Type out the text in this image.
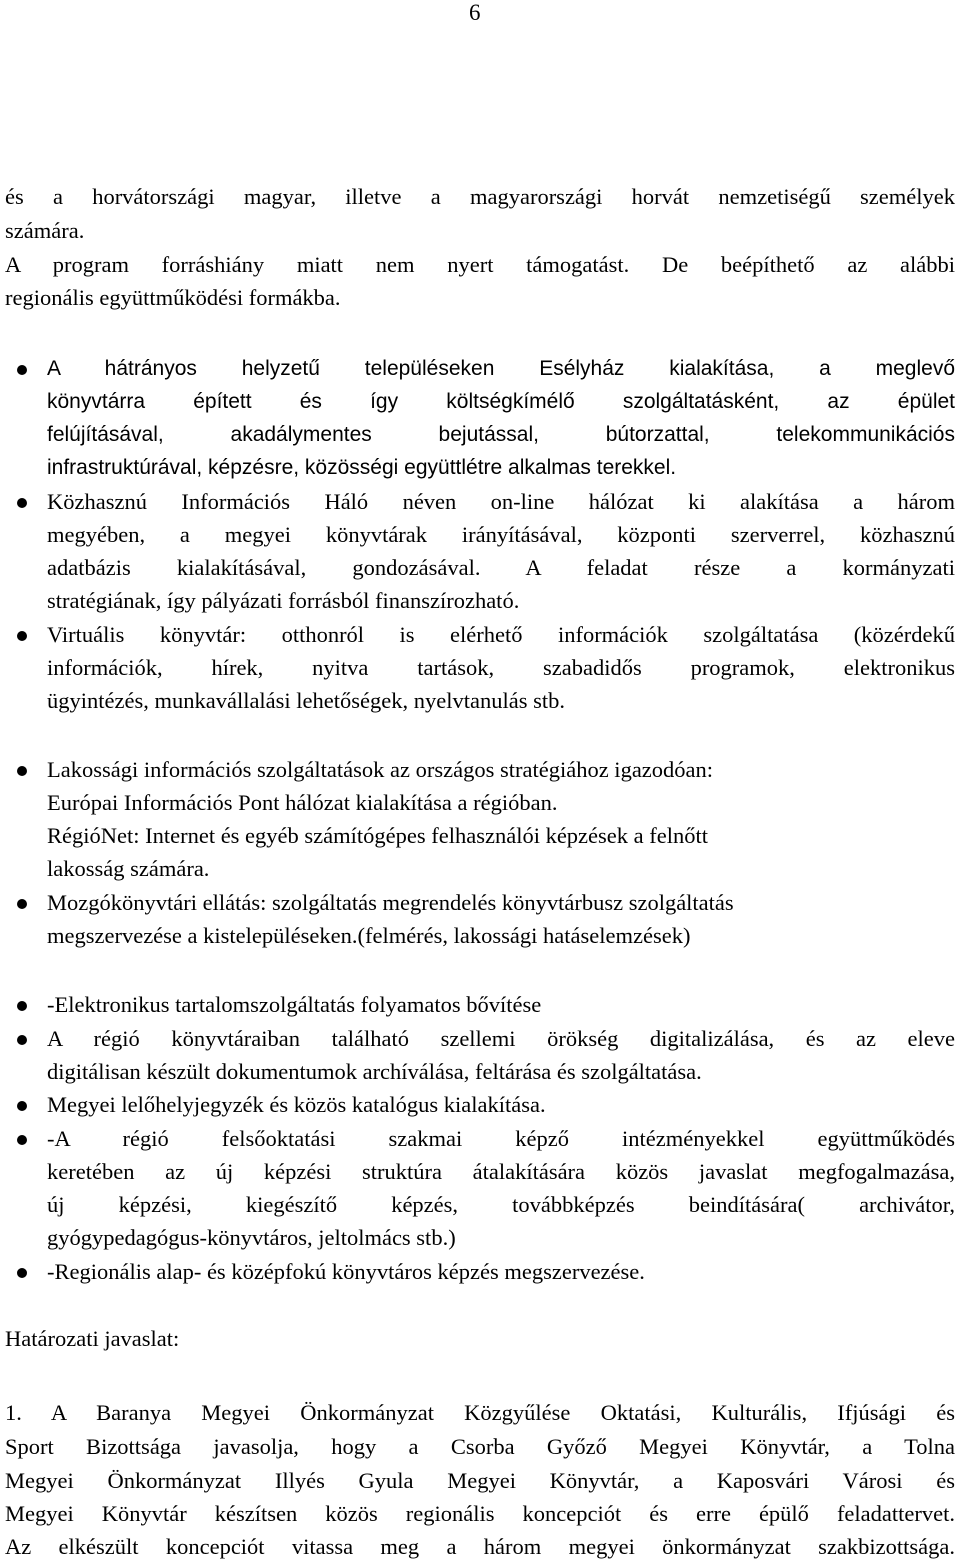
6
és a horvátországi magyar, illetve a magyarországi horvát nemzetiségű személyek
számára.
A program forráshiány miatt nem nyert támogatást. De beépíthető az alábbi
regionális együttműködési formákba.
A hátrányos helyzetű településeken Esélyház kialakítása, a meglevő
könyvtárra épített és így költségkímélő szolgáltatásként, az épület
felújításával, akadálymentes bejutással, bútorzattal, telekommunikációs
infrastruktúrával, képzésre, közösségi együttlétre alkalmas terekkel.
Közhasznú Információs Háló néven on-line hálózat ki alakítása a három
megyében, a megyei könyvtárak irányításával, központi szerverrel, közhasznú
adatbázis kialakításával, gondozásával. A feladat része a kormányzati
stratégiának, így pályázati forrásból finanszírozható.
Virtuális könyvtár: otthonról is elérhető információk szolgáltatása (közérdekű
információk, hírek, nyitva tartások, szabadidős programok, elektronikus
ügyintézés, munkavállalási lehetőségek, nyelvtanulás stb.
Lakossági információs szolgáltatások az országos stratégiához igazodóan:
Európai Információs Pont hálózat kialakítása a régióban.
RégióNet: Internet és egyéb számítógépes felhasználói képzések a felnőtt
lakosság számára.
Mozgókönyvtári ellátás: szolgáltatás megrendelés könyvtárbusz szolgáltatás
megszervezése a kistelepüléseken.(felmérés, lakossági hatáselemzések)
-Elektronikus tartalomszolgáltatás folyamatos bővítése
A régió könyvtáraiban található szellemi örökség digitalizálása, és az eleve
digitálisan készült dokumentumok archíválása, feltárása és szolgáltatása.
Megyei lelőhelyjegyzék és közös katalógus kialakítása.
-A régió felsőoktatási szakmai képző intézményekkel együttműködés
keretében az új képzési struktúra átalakítására közös javaslat megfogalmazása,
új képzési, kiegészítő képzés, továbbképzés beindítására( archivátor,
gyógypedagógus-könyvtáros, jeltolmács stb.)
-Regionális alap- és középfokú könyvtáros képzés megszervezése.
Határozati javaslat:
1. A Baranya Megyei Önkormányzat Közgyűlése Oktatási, Kulturális, Ifjúsági és
Sport Bizottsága javasolja, hogy a Csorba Győző Megyei Könyvtár, a Tolna
Megyei Önkormányzat Illyés Gyula Megyei Könyvtár, a Kaposvári Városi és
Megyei Könyvtár készítsen közös regionális koncepciót és erre épülő feladattervet.
Az elkészült koncepciót vitassa meg a három megyei önkormányzat szakbizottsága.
